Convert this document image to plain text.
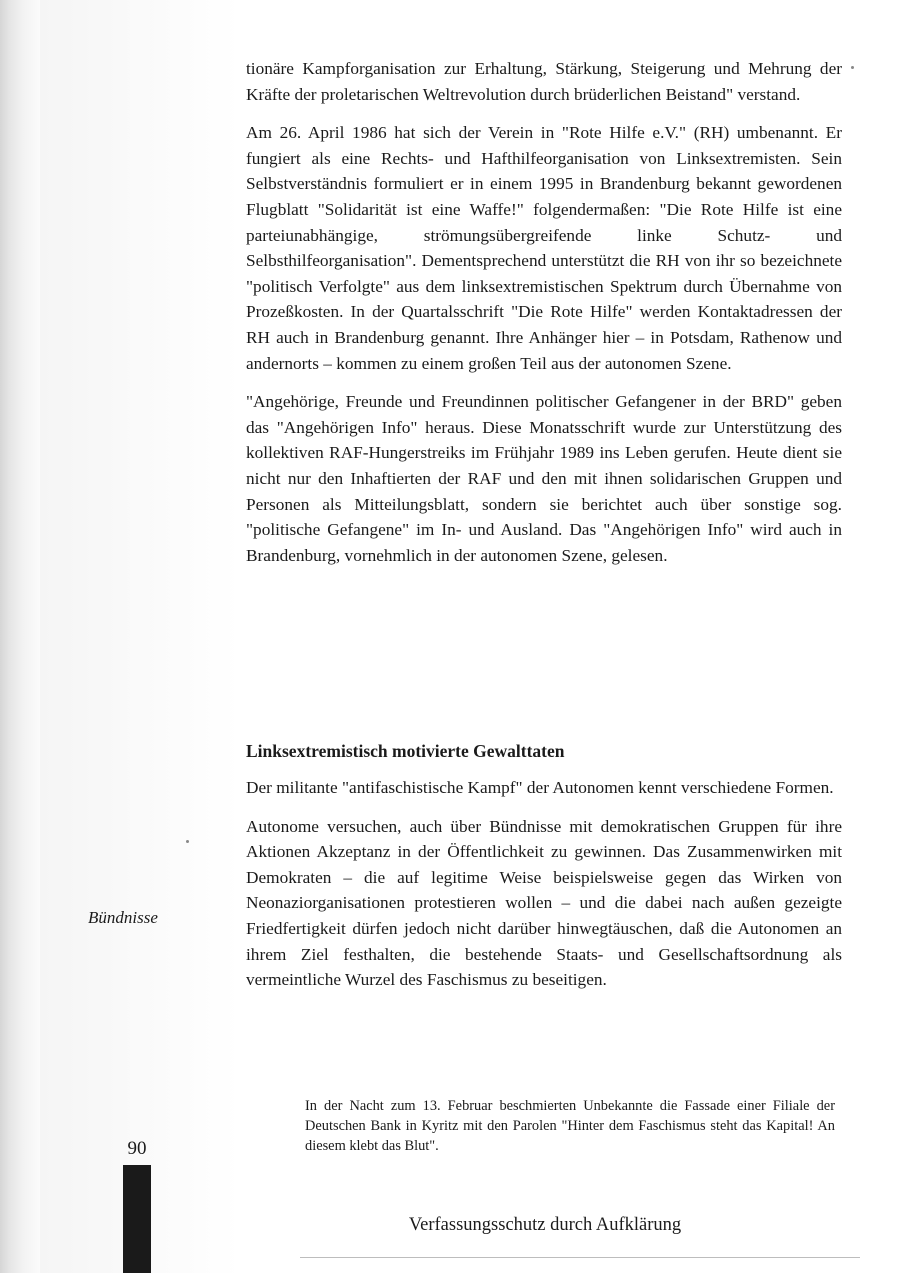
tionäre Kampforganisation zur Erhaltung, Stärkung, Steigerung und Mehrung der Kräfte der proletarischen Weltrevolution durch brüderlichen Beistand" verstand.

Am 26. April 1986 hat sich der Verein in "Rote Hilfe e.V." (RH) umbenannt. Er fungiert als eine Rechts- und Hafthilfeorganisation von Linksextremisten. Sein Selbstverständnis formuliert er in einem 1995 in Brandenburg bekannt gewordenen Flugblatt "Solidarität ist eine Waffe!" folgendermaßen: "Die Rote Hilfe ist eine parteiunabhängige, strömungsübergreifende linke Schutz- und Selbsthilfeorganisation". Dementsprechend unterstützt die RH von ihr so bezeichnete "politisch Verfolgte" aus dem linksextremistischen Spektrum durch Übernahme von Prozeßkosten. In der Quartalsschrift "Die Rote Hilfe" werden Kontaktadressen der RH auch in Brandenburg genannt. Ihre Anhänger hier – in Potsdam, Rathenow und andernorts – kommen zu einem großen Teil aus der autonomen Szene.

"Angehörige, Freunde und Freundinnen politischer Gefangener in der BRD" geben das "Angehörigen Info" heraus. Diese Monatsschrift wurde zur Unterstützung des kollektiven RAF-Hungerstreiks im Frühjahr 1989 ins Leben gerufen. Heute dient sie nicht nur den Inhaftierten der RAF und den mit ihnen solidarischen Gruppen und Personen als Mitteilungsblatt, sondern sie berichtet auch über sonstige sog. "politische Gefangene" im In- und Ausland. Das "Angehörigen Info" wird auch in Brandenburg, vornehmlich in der autonomen Szene, gelesen.

Linksextremistisch motivierte Gewalttaten

Der militante "antifaschistische Kampf" der Autonomen kennt verschiedene Formen.

Autonome versuchen, auch über Bündnisse mit demokratischen Gruppen für ihre Aktionen Akzeptanz in der Öffentlichkeit zu gewinnen. Das Zusammenwirken mit Demokraten – die auf legitime Weise beispielsweise gegen das Wirken von Neonaziorganisationen protestieren wollen – und die dabei nach außen gezeigte Friedfertigkeit dürfen jedoch nicht darüber hinwegtäuschen, daß die Autonomen an ihrem Ziel festhalten, die bestehende Staats- und Gesellschaftsordnung als vermeintliche Wurzel des Faschismus zu beseitigen.

Bündnisse

In der Nacht zum 13. Februar beschmierten Unbekannte die Fassade einer Filiale der Deutschen Bank in Kyritz mit den Parolen "Hinter dem Faschismus steht das Kapital! An diesem klebt das Blut".

90
Verfassungsschutz durch Aufklärung
